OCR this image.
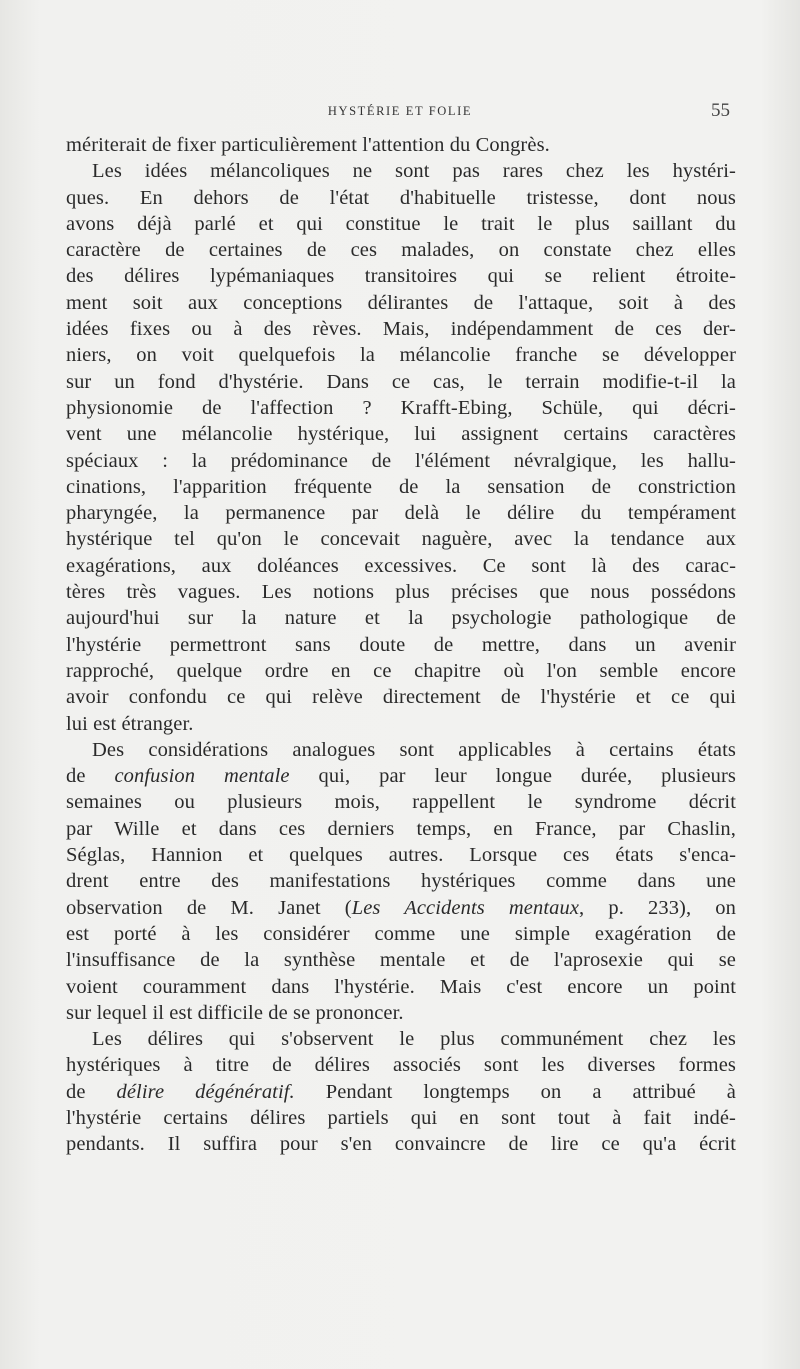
HYSTÉRIE ET FOLIE	55
mériterait de fixer particulièrement l'attention du Congrès.
Les idées mélancoliques ne sont pas rares chez les hystéri-
ques. En dehors de l'état d'habituelle tristesse, dont nous
avons déjà parlé et qui constitue le trait le plus saillant du
caractère de certaines de ces malades, on constate chez elles
des délires lypémaniaques transitoires qui se relient étroite-
ment soit aux conceptions délirantes de l'attaque, soit à des
idées fixes ou à des rèves. Mais, indépendamment de ces der-
niers, on voit quelquefois la mélancolie franche se développer
sur un fond d'hystérie. Dans ce cas, le terrain modifie-t-il la
physionomie de l'affection ? Krafft-Ebing, Schüle, qui décri-
vent une mélancolie hystérique, lui assignent certains caractères
spéciaux : la prédominance de l'élément névralgique, les hallu-
cinations, l'apparition fréquente de la sensation de constriction
pharyngée, la permanence par delà le délire du tempérament
hystérique tel qu'on le concevait naguère, avec la tendance aux
exagérations, aux doléances excessives. Ce sont là des carac-
tères très vagues. Les notions plus précises que nous possédons
aujourd'hui sur la nature et la psychologie pathologique de
l'hystérie permettront sans doute de mettre, dans un avenir
rapproché, quelque ordre en ce chapitre où l'on semble encore
avoir confondu ce qui relève directement de l'hystérie et ce qui
lui est étranger.
Des considérations analogues sont applicables à certains états
de confusion mentale qui, par leur longue durée, plusieurs
semaines ou plusieurs mois, rappellent le syndrome décrit
par Wille et dans ces derniers temps, en France, par Chaslin,
Séglas, Hannion et quelques autres. Lorsque ces états s'enca-
drent entre des manifestations hystériques comme dans une
observation de M. Janet (Les Accidents mentaux, p. 233), on
est porté à les considérer comme une simple exagération de
l'insuffisance de la synthèse mentale et de l'aprosexie qui se
voient couramment dans l'hystérie. Mais c'est encore un point
sur lequel il est difficile de se prononcer.
Les délires qui s'observent le plus communément chez les
hystériques à titre de délires associés sont les diverses formes
de délire dégénératif. Pendant longtemps on a attribué à
l'hystérie certains délires partiels qui en sont tout à fait indé-
pendants. Il suffira pour s'en convaincre de lire ce qu'a écrit
